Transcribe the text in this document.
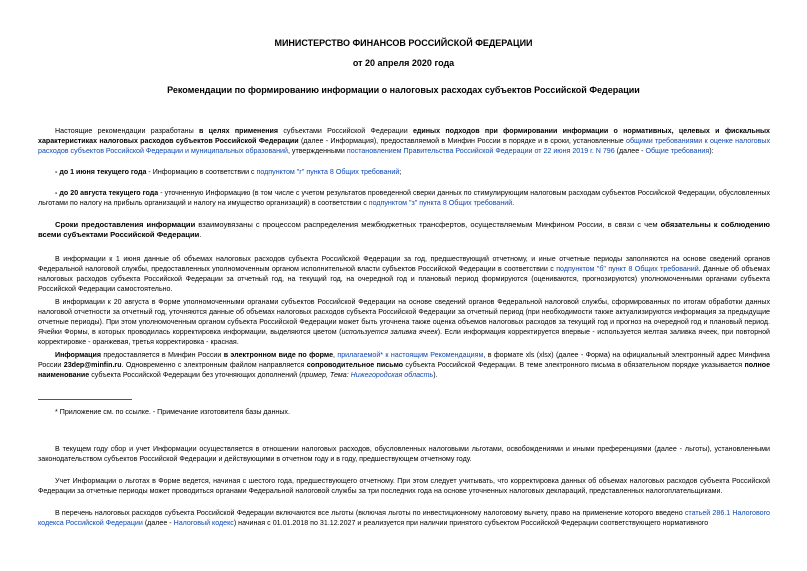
МИНИСТЕРСТВО ФИНАНСОВ РОССИЙСКОЙ ФЕДЕРАЦИИ
от 20 апреля 2020 года
Рекомендации по формированию информации о налоговых расходах субъектов Российской Федерации

Настоящие рекомендации разработаны в целях применения субъектами Российской Федерации единых подходов при формировании информации о нормативных, целевых и фискальных характеристиках налоговых расходов субъектов Российской Федерации (далее - Информация), предоставляемой в Минфин России в порядке и в сроки, установленные общими требованиями к оценке налоговых расходов субъектов Российской Федерации и муниципальных образований, утвержденными постановлением Правительства Российской Федерации от 22 июня 2019 г. N 796 (далее - Общие требования):

- до 1 июня текущего года - Информацию в соответствии с подпунктом "г" пункта 8 Общих требований;

- до 20 августа текущего года - уточненную Информацию (в том числе с учетом результатов проведенной сверки данных по стимулирующим налоговым расходам субъектов Российской Федерации, обусловленных льготами по налогу на прибыль организаций и налогу на имущество организаций) в соответствии с подпунктом "з" пункта 8 Общих требований.

Сроки предоставления информации взаимоувязаны с процессом распределения межбюджетных трансфертов, осуществляемым Минфином России, в связи с чем обязательны к соблюдению всеми субъектами Российской Федерации.

В информации к 1 июня данные об объемах налоговых расходов субъекта Российской Федерации за год, предшествующий отчетному, и иные отчетные периоды заполняются на основе сведений органов Федеральной налоговой службы, предоставленных уполномоченным органом исполнительной власти субъектов Российской Федерации в соответствии с подпунктом "б" пункт 8 Общих требований. Данные об объемах налоговых расходов субъекта Российской Федерации за отчетный год, на текущий год, на очередной год и плановый период формируются (оцениваются, прогнозируются) уполномоченными органами субъекта Российской Федерации самостоятельно.

В информации к 20 августа в Форме уполномоченными органами субъектов Российской Федерации на основе сведений органов Федеральной налоговой службы, сформированных по итогам обработки данных налоговой отчетности за отчетный год, уточняются данные об объемах налоговых расходов субъекта Российской Федерации за отчетный период (при необходимости также актуализируются информация за предыдущие отчетные периоды). При этом уполномоченным органом субъекта Российской Федерации может быть уточнена также оценка объемов налоговых расходов за текущий год и прогноз на очередной год и плановый период. Ячейки Формы, в которых проводилась корректировка информации, выделяются цветом (используется заливка ячеек). Если информация корректируется впервые - используется желтая заливка ячеек, при повторной корректировке - оранжевая, третья корректировка - красная.

Информация предоставляется в Минфин России в электронном виде по форме, прилагаемой* к настоящим Рекомендациям, в формате xls (xlsx) (далее - Форма) на официальный электронный адрес Минфина России 23dep@minfin.ru. Одновременно с электронным файлом направляется сопроводительное письмо субъекта Российской Федерации. В теме электронного письма в обязательном порядке указывается полное наименование субъекта Российской Федерации без уточняющих дополнений (пример, Тема: Нижегородская область).

* Приложение см. по ссылке. - Примечание изготовителя базы данных.

В текущем году сбор и учет Информации осуществляется в отношении налоговых расходов, обусловленных налоговыми льготами, освобождениями и иными преференциями (далее - льготы), установленными законодательством субъектов Российской Федерации и действующими в отчетном году и в году, предшествующем отчетному году.

Учет Информации о льготах в Форме ведется, начиная с шестого года, предшествующего отчетному. При этом следует учитывать, что корректировка данных об объемах налоговых расходов субъекта Российской Федерации за отчетные периоды может проводиться органами Федеральной налоговой службы за три последних года на основе уточненных налоговых деклараций, представленных налогоплательщиками.

В перечень налоговых расходов субъекта Российской Федерации включаются все льготы (включая льготы по инвестиционному налоговому вычету, право на применение которого введено статьей 286.1 Налогового кодекса Российской Федерации (далее - Налоговый кодекс) начиная с 01.01.2018 по 31.12.2027 и реализуется при наличии принятого субъектом Российской Федерации соответствующего нормативного
